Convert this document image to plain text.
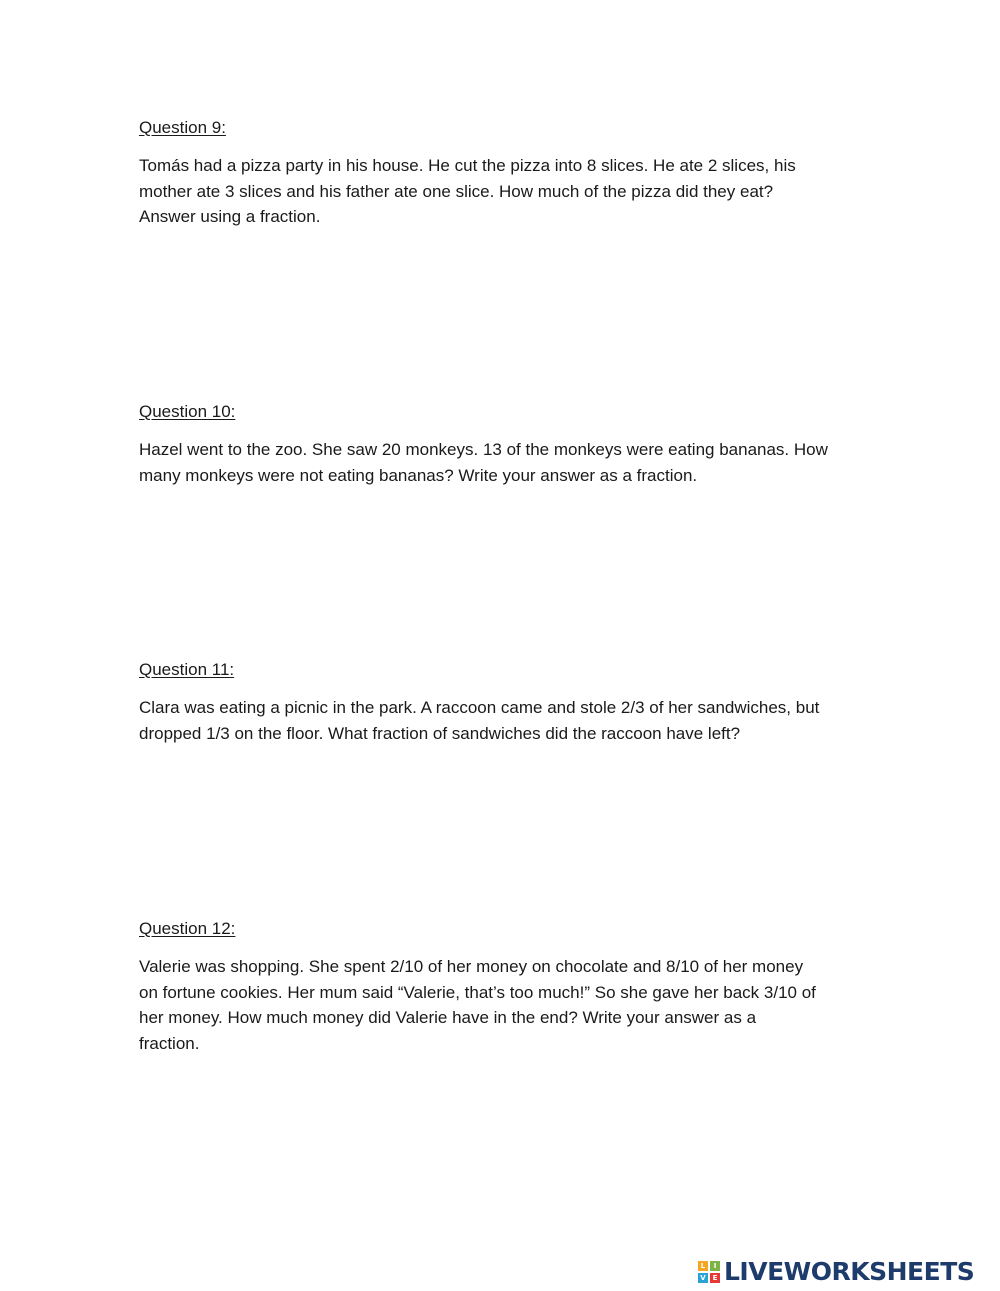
Question 9:

Tomás had a pizza party in his house. He cut the pizza into 8 slices. He ate 2 slices, his
mother ate 3 slices and his father ate one slice. How much of the pizza did they eat?
Answer using a fraction.

Question 10:

Hazel went to the zoo. She saw 20 monkeys. 13 of the monkeys were eating bananas. How
many monkeys were not eating bananas? Write your answer as a fraction.

Question 11:

Clara was eating a picnic in the park. A raccoon came and stole 2/3 of her sandwiches, but
dropped 1/3 on the floor. What fraction of sandwiches did the raccoon have left?

Question 12:

Valerie was shopping. She spent 2/10 of her money on chocolate and 8/10 of her money
on fortune cookies. Her mum said “Valerie, that’s too much!” So she gave her back 3/10 of
her money. How much money did Valerie have in the end? Write your answer as a
fraction.

L	I
V E LIVEWORKSHEETS
